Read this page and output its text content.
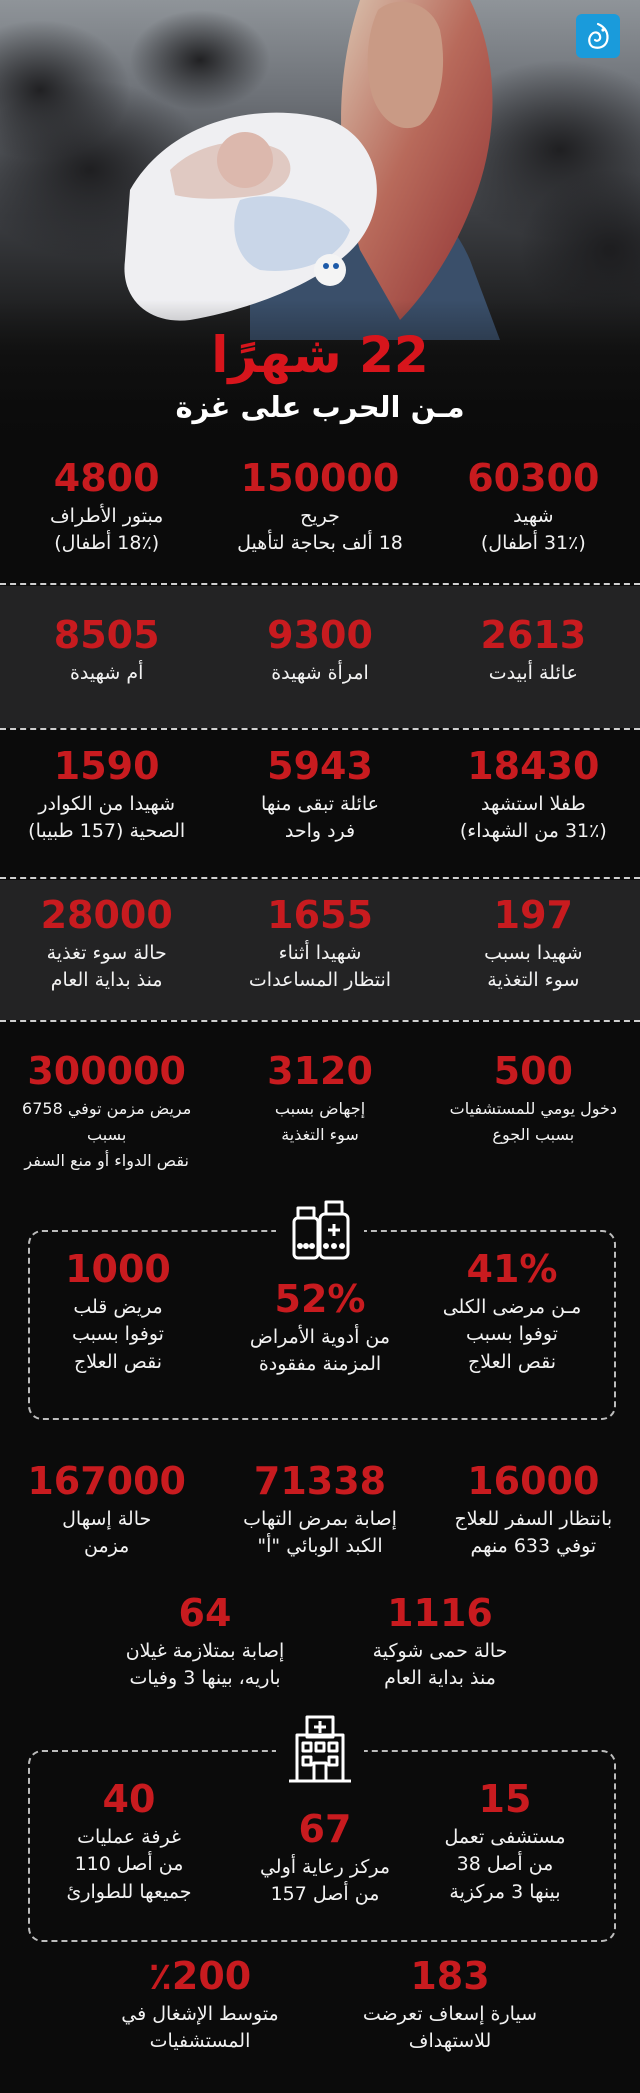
22 شهرًا
مـن الحرب على غزة
60300
شهيد
(31٪ أطفال)
150000
جريح
18 ألف بحاجة لتأهيل
4800
مبتور الأطراف
(18٪ أطفال)
2613
عائلة أبيدت
9300
امرأة شهيدة
8505
أم شهيدة
18430
طفلا استشهد
(31٪ من الشهداء)
5943
عائلة تبقى منها
فرد واحد
1590
شهيدا من الكوادر
الصحية (157 طبيبا)
197
شهيدا بسبب
سوء التغذية
1655
شهيدا أثناء
انتظار المساعدات
28000
حالة سوء تغذية
منذ بداية العام
500
دخول يومي للمستشفيات
بسبب الجوع
3120
إجهاض بسبب
سوء التغذية
300000
مريض مزمن توفي 6758 بسبب
نقص الدواء أو منع السفر
41%
مـن مرضى الكلى
توفوا بسبب
نقص العلاج
52%
من أدوية الأمراض
المزمنة مفقودة
1000
مريض قلب
توفوا بسبب
نقص العلاج
16000
بانتظار السفر للعلاج
توفي 633 منهم
71338
إصابة بمرض التهاب
الكبد الوبائي "أ"
167000
حالة إسهال
مزمن
1116
حالة حمى شوكية
منذ بداية العام
64
إصابة بمتلازمة غيلان
باريه، بينها 3 وفيات
15
مستشفى تعمل
من أصل 38
بينها 3 مركزية
67
مركز رعاية أولي
من أصل 157
40
غرفة عمليات
من أصل 110
جميعها للطوارئ
183
سيارة إسعاف تعرضت
للاستهداف
٪200
متوسط الإشغال في
المستشفيات
